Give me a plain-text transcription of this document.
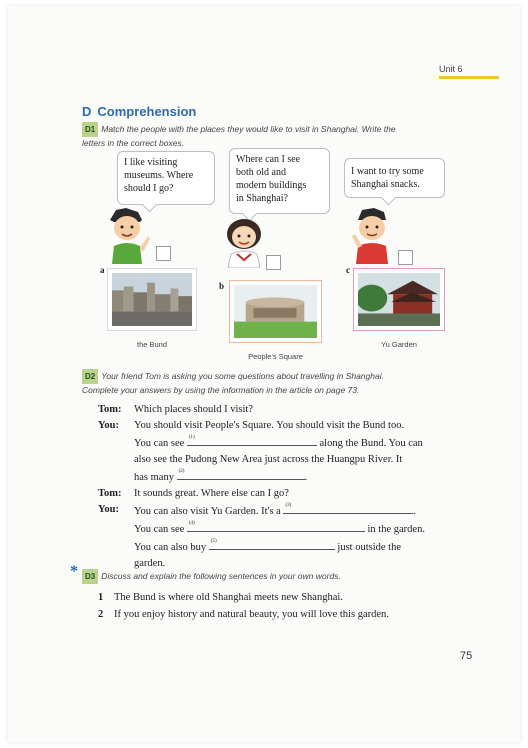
Unit 6
D Comprehension
D1 Match the people with the places they would like to visit in Shanghai. Write the
letters in the correct boxes.
I like visiting
museums. Where
should I go?
Where can I see
both old and
modern buildings
in Shanghai?
I want to try some
Shanghai snacks.
a
the Bund
b
People's Square
c
Yu Garden
D2 Your friend Tom is asking you some questions about travelling in Shanghai.
Complete your answers by using the information in the article on page 73.
Tom:	Which places should I visit?
You:	You should visit People's Square. You should visit the Bund too.
You can see
(1)
along the Bund. You can
also see the Pudong New Area just across the Huangpu River. It
has many
(2)
.
Tom:	It sounds great. Where else can I go?
You:	You can also visit Yu Garden. It's a
(3)
.
You can see
(4)
in the garden.
You can also buy
(5)
just outside the
garden.
* D3 Discuss and explain the following sentences in your own words.
1 The Bund is where old Shanghai meets new Shanghai.
2 If you enjoy history and natural beauty, you will love this garden.
75
